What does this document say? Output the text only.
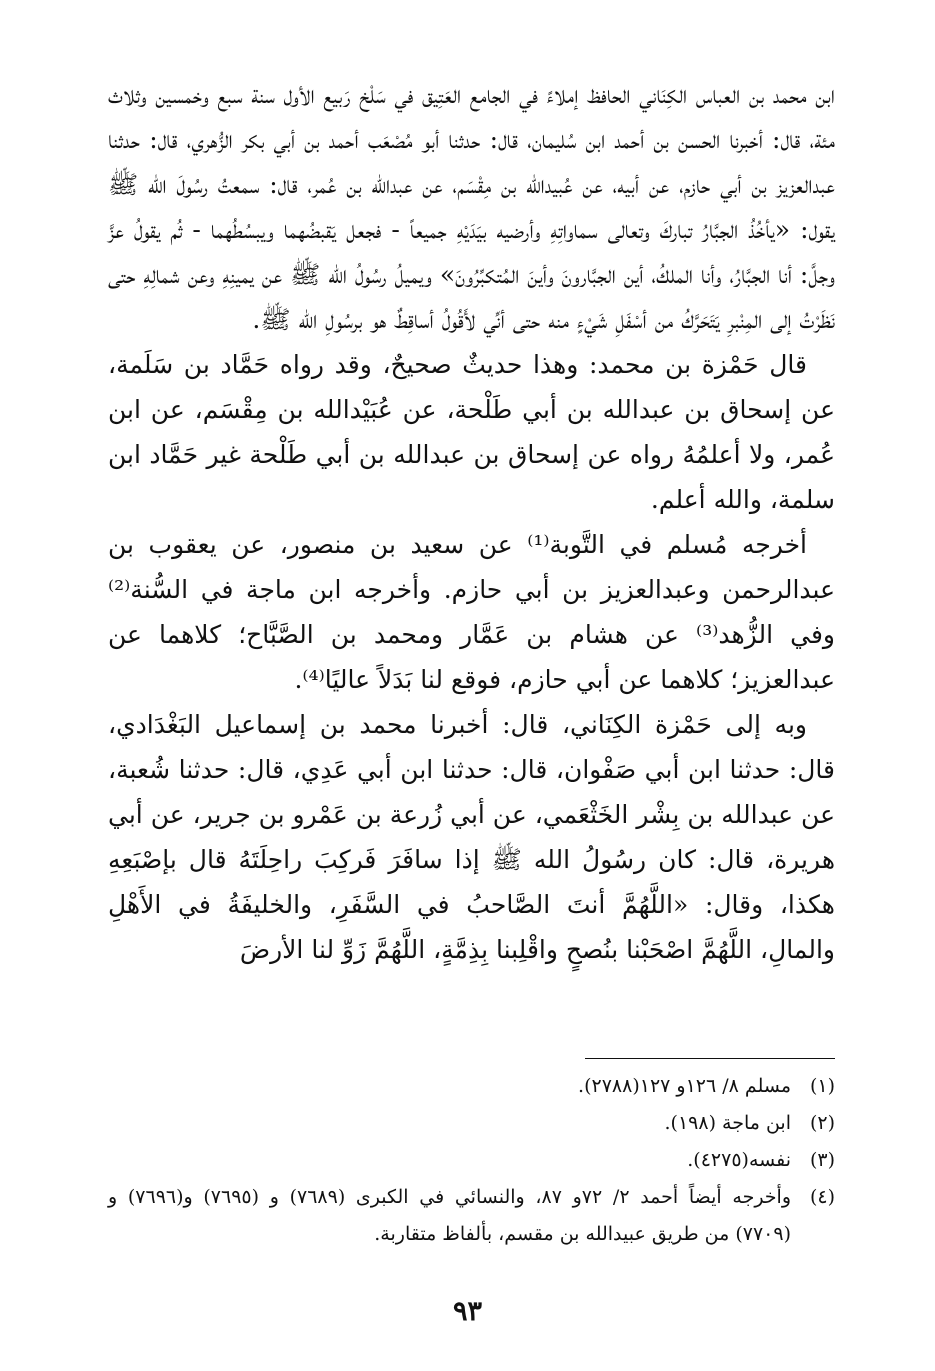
ابن محمد بن العباس الكِنَاني الحافظ إملاءً في الجامع العَتِيق في سَلْخ رَبيع الأول سنة سبع وخمسين وثلاث مئة، قال: أخبرنا الحسن بن أحمد ابن سُليمان، قال: حدثنا أبو مُصْعَب أحمد بن أبي بكر الزُّهري، قال: حدثنا عبدالعزيز بن أبي حازم، عن أبيه، عن عُبيدالله بن مِقْسَم، عن عبدالله بن عُمر، قال: سمعتُ رسُولَ الله ﷺ يقول: «يأخُذُ الجبَّارُ تباركَ وتعالى سماواتِهِ وأرضيه بيَدَيْهِ جميعاً - فجعل يَقبضُهما ويبسُطُهما - ثُم يقولُ عزَّ وجلَّ: أنا الجبَّارُ، وأنا الملكُ، أين الجبَّارونَ وأينَ المُتكبِّرُونَ» ويميلُ رسُولُ الله ﷺ عن يمينِهِ وعن شمالِهِ حتى نَظَرْتُ إلى المِنْبرِ يَتَحَرَّكُ من أسْفَلِ شَيْءٍ منه حتى أنِّي لأَقُولُ أساقِطٌ هو برسُولِ الله ﷺ.

قال حَمْزة بن محمد: وهذا حديثٌ صحيحٌ، وقد رواه حَمَّاد بن سَلَمة، عن إسحاق بن عبدالله بن أبي طَلْحة، عن عُبَيْدالله بن مِقْسَم، عن ابن عُمر، ولا أعلمُهُ رواه عن إسحاق بن عبدالله بن أبي طَلْحة غير حَمَّاد ابن سلمة، والله أعلم.

أخرجه مُسلم في التَّوبة⁽¹⁾ عن سعيد بن منصور، عن يعقوب بن عبدالرحمن وعبدالعزيز بن أبي حازم. وأخرجه ابن ماجة في السُّنة⁽²⁾ وفي الزُّهد⁽³⁾ عن هشام بن عَمَّار ومحمد بن الصَّبَّاح؛ كلاهما عن عبدالعزيز؛ كلاهما عن أبي حازم، فوقع لنا بَدَلاً عاليًا⁽⁴⁾.

وبه إلى حَمْزة الكِنَاني، قال: أخبرنا محمد بن إسماعيل البَغْدَادي، قال: حدثنا ابن أبي صَفْوان، قال: حدثنا ابن أبي عَدِي، قال: حدثنا شُعبة، عن عبدالله بن بِشْر الخَثْعَمي، عن أبي زُرعة بن عَمْرو بن جرير، عن أبي هريرة، قال: كان رسُولُ الله ﷺ إذا سافَرَ فَركِبَ راحِلَتَهُ قال بإصْبَعِهِ هكذا، وقال: «اللَّهُمَّ أنتَ الصَّاحبُ في السَّفَرِ، والخليفَةُ في الأَهْلِ والمالِ، اللَّهُمَّ اصْحَبْنا بنُصحٍ واقْلِبنا بِذِمَّةٍ، اللَّهُمَّ زَوِّ لنا الأرضَ

(١)
مسلم ٨/ ١٢٦و ١٢٧(٢٧٨٨).
(٢)
ابن ماجة (١٩٨).
(٣)
نفسه(٤٢٧٥).
(٤)
وأخرجه أيضاً أحمد ٢/ ٧٢و ٨٧، والنسائي في الكبرى (٧٦٨٩) و (٧٦٩٥) و(٧٦٩٦) و (٧٧٠٩) من طريق عبيدالله بن مقسم، بألفاظ متقاربة.
٩٣
